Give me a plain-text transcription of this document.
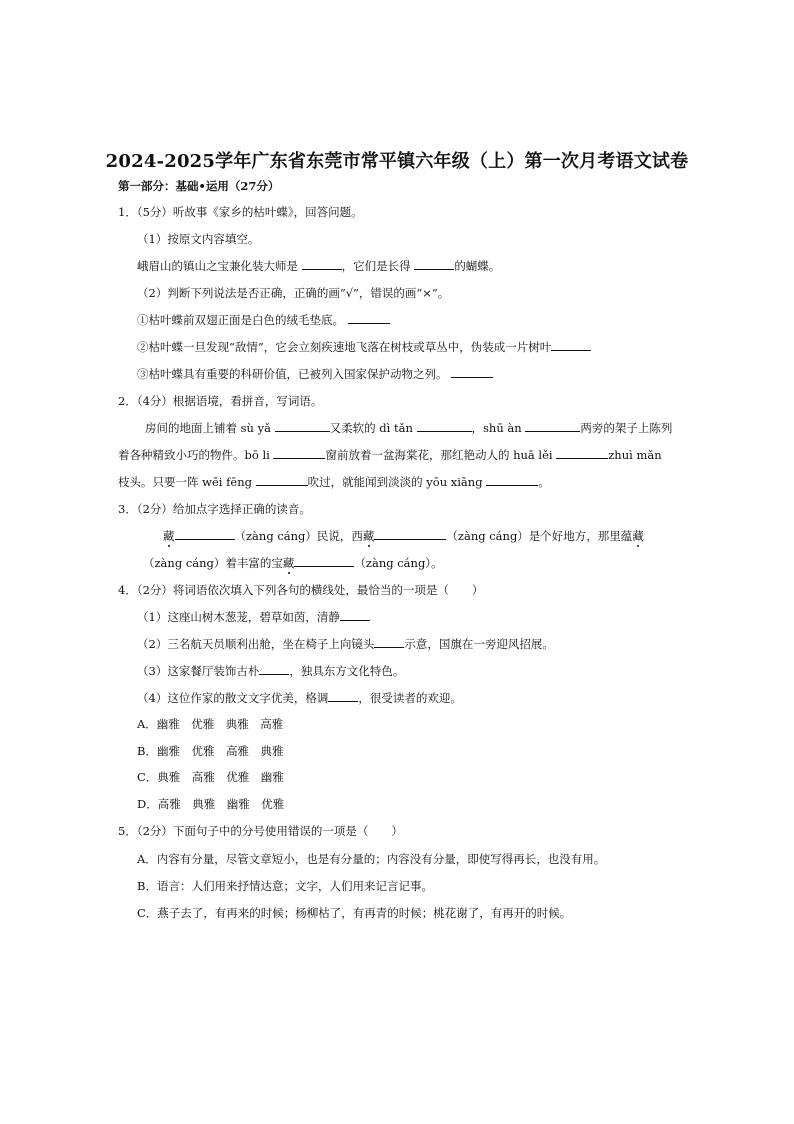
2024-2025学年广东省东莞市常平镇六年级（上）第一次月考语文试卷
第一部分：基础•运用（27分）
1．（5分）听故事《家乡的枯叶蝶》，回答问题。
（1）按原文内容填空。
峨眉山的镇山之宝兼化装大师是	，它们是长得	的蝴蝶。
（2）判断下列说法是否正确，正确的画“√”，错误的画“×”。
①枯叶蝶前双翅正面是白色的绒毛垫底。
②枯叶蝶一旦发现“敌情”，它会立刻疾速地飞落在树枝或草丛中，伪装成一片树叶
③枯叶蝶具有重要的科研价值，已被列入国家保护动物之列。
2．（4分）根据语境，看拼音，写词语。
房间的地面上铺着 sù yǎ	又柔软的 dì tǎn	，shū àn	两旁的架子上陈列
着各种精致小巧的物件。bō li	窗前放着一盆海棠花，那红艳动人的 huā lěi	zhuì mǎn
枝头。只要一阵 wēi fēng	吹过，就能闻到淡淡的 yōu xiāng	。
3．（2分）给加点字选择正确的读音。
藏	（zàng cáng）民说，西藏	（zàng cáng）是个好地方，那里蕴藏
（zàng cáng）着丰富的宝藏	（zàng cáng）。
4．（2分）将词语依次填入下列各句的横线处，最恰当的一项是（　　）
（1）这座山树木葱茏，碧草如茵，清静
（2）三名航天员顺利出舱，坐在椅子上向镜头	示意，国旗在一旁迎风招展。
（3）这家餐厅装饰古朴	，独具东方文化特色。
（4）这位作家的散文文字优美，格调	，很受读者的欢迎。
A．幽雅　优雅　典雅　高雅
B．幽雅　优雅　高雅　典雅
C．典雅　高雅　优雅　幽雅
D．高雅　典雅　幽雅　优雅
5．（2分）下面句子中的分号使用错误的一项是（　　）
A．内容有分量，尽管文章短小，也是有分量的；内容没有分量，即使写得再长，也没有用。
B．语言：人们用来抒情达意；文字，人们用来记言记事。
C．燕子去了，有再来的时候；杨柳枯了，有再青的时候；桃花谢了，有再开的时候。
